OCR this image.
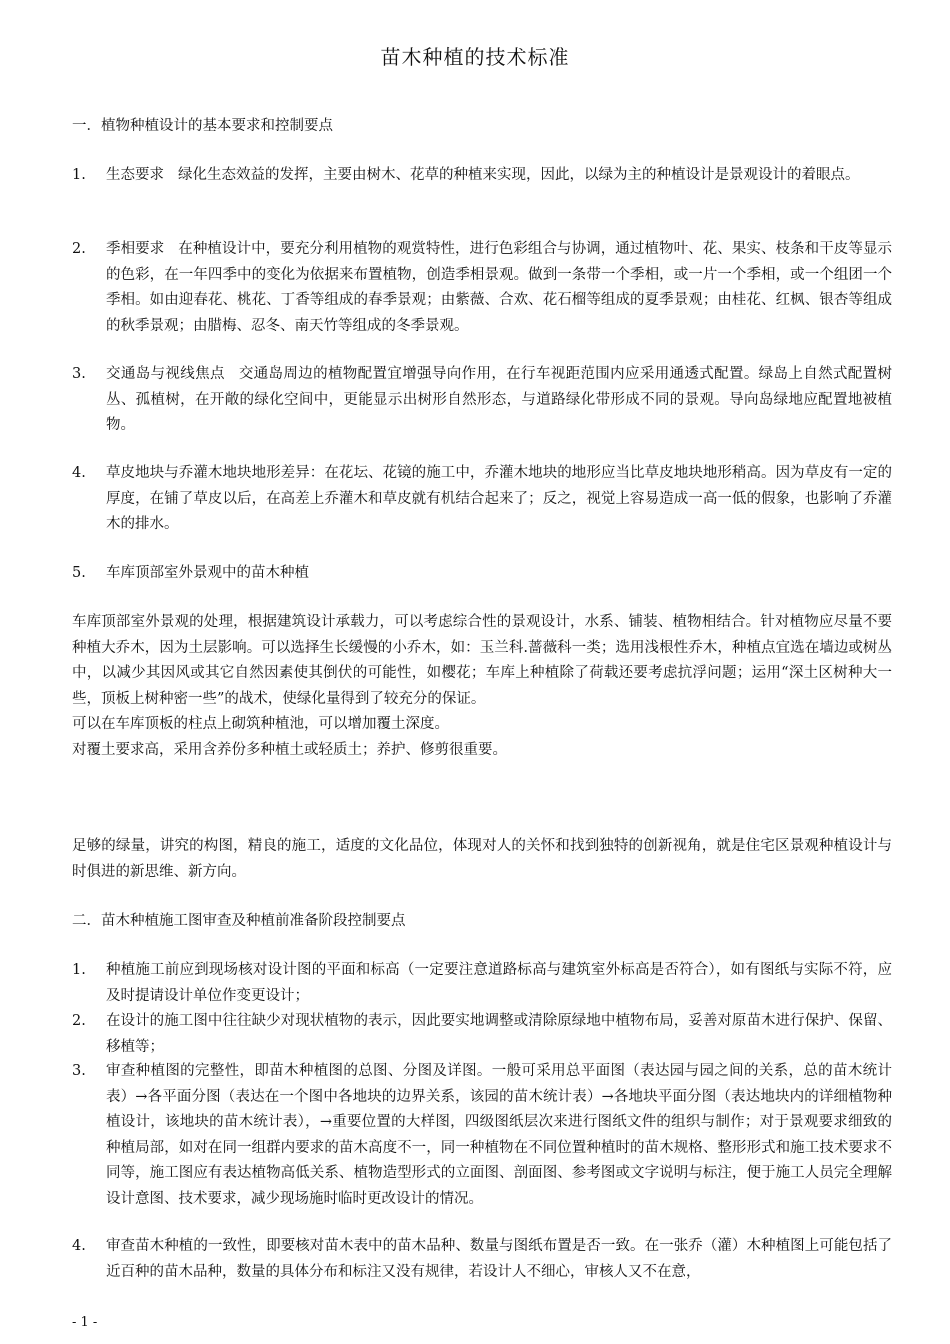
苗木种植的技术标准
一．植物种植设计的基本要求和控制要点
1.	生态要求 绿化生态效益的发挥，主要由树木、花草的种植来实现，因此，以绿为主的种植设计是景观设计的着眼点。
2.	季相要求 在种植设计中，要充分利用植物的观赏特性，进行色彩组合与协调，通过植物叶、花、果实、枝条和干皮等显示的色彩，在一年四季中的变化为依据来布置植物，创造季相景观。做到一条带一个季相，或一片一个季相，或一个组团一个季相。如由迎春花、桃花、丁香等组成的春季景观；由紫薇、合欢、花石榴等组成的夏季景观；由桂花、红枫、银杏等组成的秋季景观；由腊梅、忍冬、南天竹等组成的冬季景观。
3.	交通岛与视线焦点 交通岛周边的植物配置宜增强导向作用，在行车视距范围内应采用通透式配置。绿岛上自然式配置树丛、孤植树，在开敞的绿化空间中，更能显示出树形自然形态，与道路绿化带形成不同的景观。导向岛绿地应配置地被植物。
4.	草皮地块与乔灌木地块地形差异：在花坛、花镜的施工中，乔灌木地块的地形应当比草皮地块地形稍高。因为草皮有一定的厚度，在铺了草皮以后，在高差上乔灌木和草皮就有机结合起来了；反之，视觉上容易造成一高一低的假象，也影响了乔灌木的排水。
5.	车库顶部室外景观中的苗木种植
车库顶部室外景观的处理，根据建筑设计承载力，可以考虑综合性的景观设计，水系、铺装、植物相结合。针对植物应尽量不要种植大乔木，因为土层影响。可以选择生长缓慢的小乔木，如：玉兰科.蔷薇科一类；选用浅根性乔木，种植点宜选在墙边或树丛中，以减少其因风或其它自然因素使其倒伏的可能性，如樱花；车库上种植除了荷载还要考虑抗浮问题；运用“深土区树种大一些，顶板上树种密一些”的战术，使绿化量得到了较充分的保证。
可以在车库顶板的柱点上砌筑种植池，可以增加覆土深度。
对覆土要求高，采用含养份多种植土或轻质土；养护、修剪很重要。
足够的绿量，讲究的构图，精良的施工，适度的文化品位，体现对人的关怀和找到独特的创新视角，就是住宅区景观种植设计与时俱进的新思维、新方向。
二．苗木种植施工图审查及种植前准备阶段控制要点
1.	种植施工前应到现场核对设计图的平面和标高（一定要注意道路标高与建筑室外标高是否符合），如有图纸与实际不符，应及时提请设计单位作变更设计；
2.	在设计的施工图中往往缺少对现状植物的表示，因此要实地调整或清除原绿地中植物布局，妥善对原苗木进行保护、保留、移植等；
3.	审查种植图的完整性，即苗木种植图的总图、分图及详图。一般可采用总平面图（表达园与园之间的关系，总的苗木统计表）→各平面分图（表达在一个图中各地块的边界关系，该园的苗木统计表）→各地块平面分图（表达地块内的详细植物种植设计，该地块的苗木统计表），→重要位置的大样图，四级图纸层次来进行图纸文件的组织与制作；对于景观要求细致的种植局部，如对在同一组群内要求的苗木高度不一，同一种植物在不同位置种植时的苗木规格、整形形式和施工技术要求不同等，施工图应有表达植物高低关系、植物造型形式的立面图、剖面图、参考图或文字说明与标注，便于施工人员完全理解设计意图、技术要求，减少现场施时临时更改设计的情况。
4.	审查苗木种植的一致性，即要核对苗木表中的苗木品种、数量与图纸布置是否一致。在一张乔（灌）木种植图上可能包括了近百种的苗木品种，数量的具体分布和标注又没有规律，若设计人不细心，审核人又不在意，
- 1 -
